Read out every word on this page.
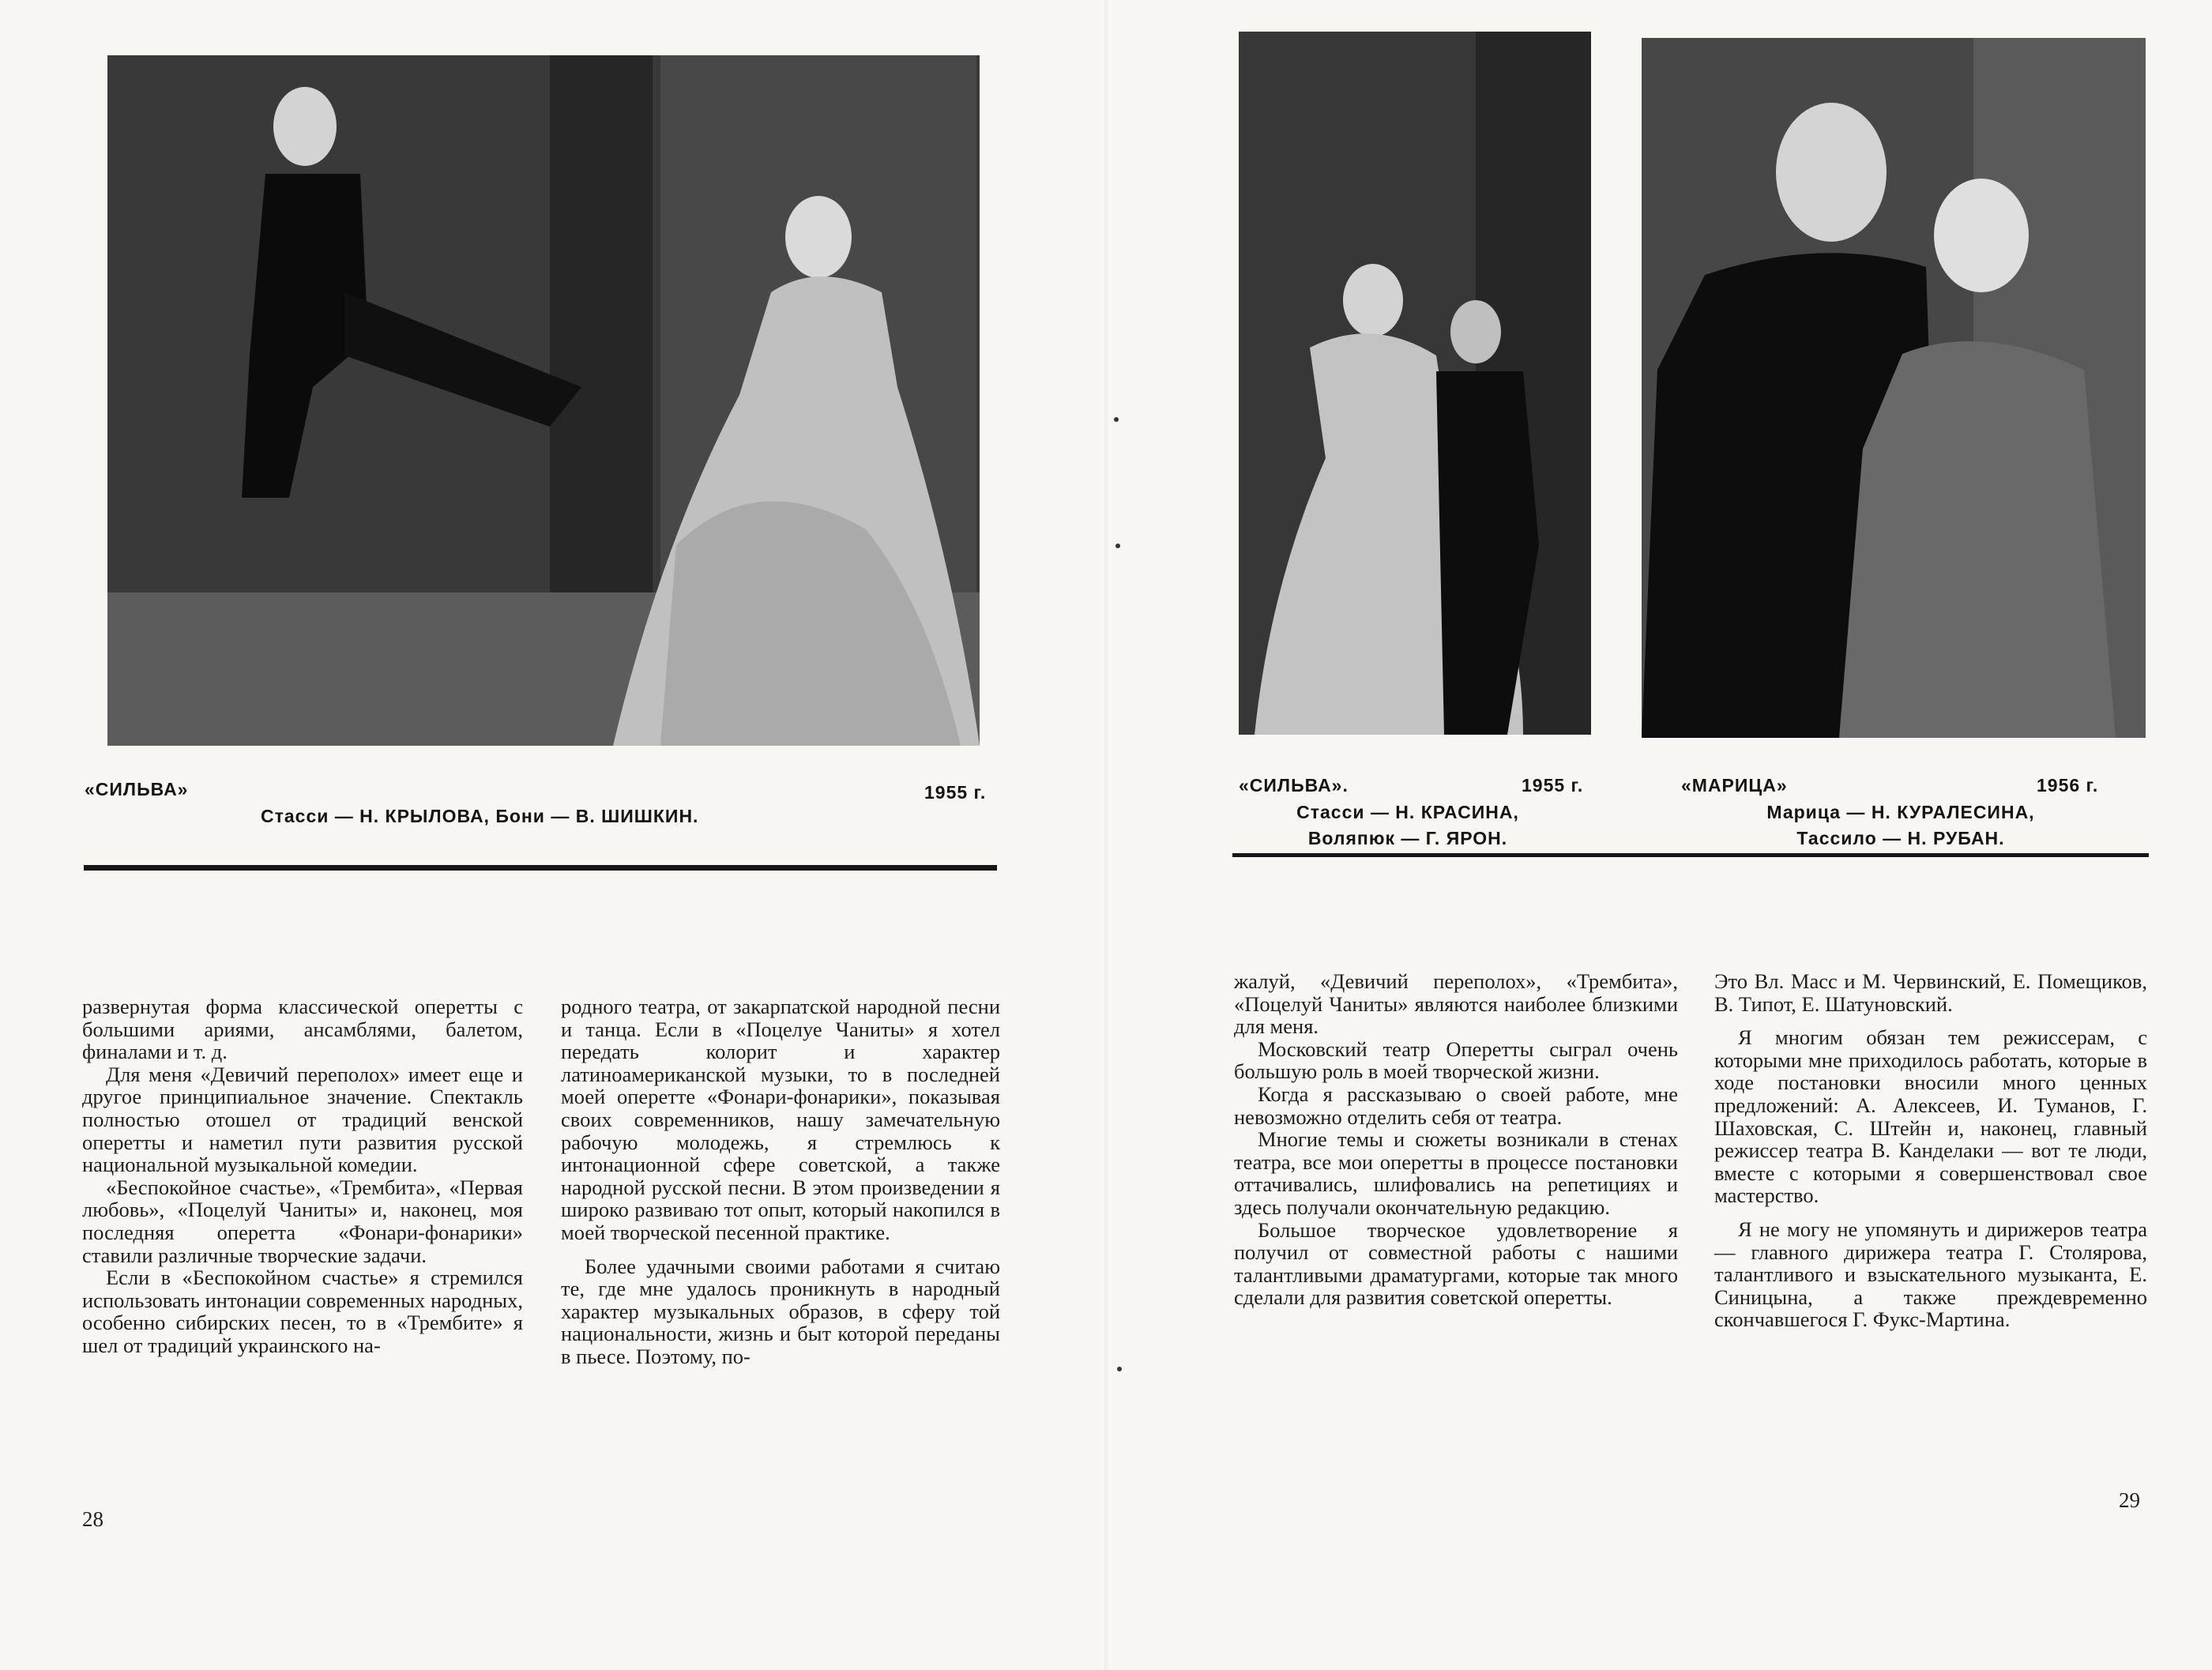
«СИЛЬВА»	1955 г.
Стасси — Н. КРЫЛОВА, Бони — В. ШИШКИН.
«СИЛЬВА».	1955 г.
Стасси — Н. КРАСИНА,
Воляпюк — Г. ЯРОН.
«МАРИЦА»	1956 г.
Марица — Н. КУРАЛЕСИНА,
Тассило — Н. РУБАН.

развернутая форма классической оперетты с большими ариями, ансамблями, балетом, финалами и т. д.

Для меня «Девичий переполох» имеет еще и другое принципиальное значение. Спектакль полностью отошел от традиций венской оперетты и наметил пути развития русской национальной музыкальной комедии.

«Беспокойное счастье», «Трембита», «Первая любовь», «Поцелуй Чаниты» и, наконец, моя последняя оперетта «Фонари-фонарики» ставили различные творческие задачи.

Если в «Беспокойном счастье» я стремился использовать интонации современных народных, особенно сибирских песен, то в «Трембите» я шел от традиций украинского на-

родного театра, от закарпатской народной песни и танца. Если в «Поцелуе Чаниты» я хотел передать колорит и характер латиноамериканской музыки, то в последней моей оперетте «Фонари-фонарики», показывая своих современников, нашу замечательную рабочую молодежь, я стремлюсь к интонационной сфере советской, а также народной русской песни. В этом произведении я широко развиваю тот опыт, который накопился в моей творческой песенной практике.

Более удачными своими работами я считаю те, где мне удалось проникнуть в народный характер музыкальных образов, в сферу той национальности, жизнь и быт которой переданы в пьесе. Поэтому, по-

28

жалуй, «Девичий переполох», «Трембита», «Поцелуй Чаниты» являются наиболее близкими для меня.

Московский театр Оперетты сыграл очень большую роль в моей творческой жизни.

Когда я рассказываю о своей работе, мне невозможно отделить себя от театра.

Многие темы и сюжеты возникали в стенах театра, все мои оперетты в процессе постановки оттачивались, шлифовались на репетициях и здесь получали окончательную редакцию.

Большое творческое удовлетворение я получил от совместной работы с нашими талантливыми драматургами, которые так много сделали для развития советской оперетты.

Это Вл. Масс и М. Червинский, Е. Помещиков, В. Типот, Е. Шатуновский.

Я многим обязан тем режиссерам, с которыми мне приходилось работать, которые в ходе постановки вносили много ценных предложений: А. Алексеев, И. Туманов, Г. Шаховская, С. Штейн и, наконец, главный режиссер театра В. Канделаки — вот те люди, вместе с которыми я совершенствовал свое мастерство.

Я не могу не упомянуть и дирижеров театра — главного дирижера театра Г. Столярова, талантливого и взыскательного музыканта, Е. Синицына, а также преждевременно скончавшегося Г. Фукс-Мартина.

29
